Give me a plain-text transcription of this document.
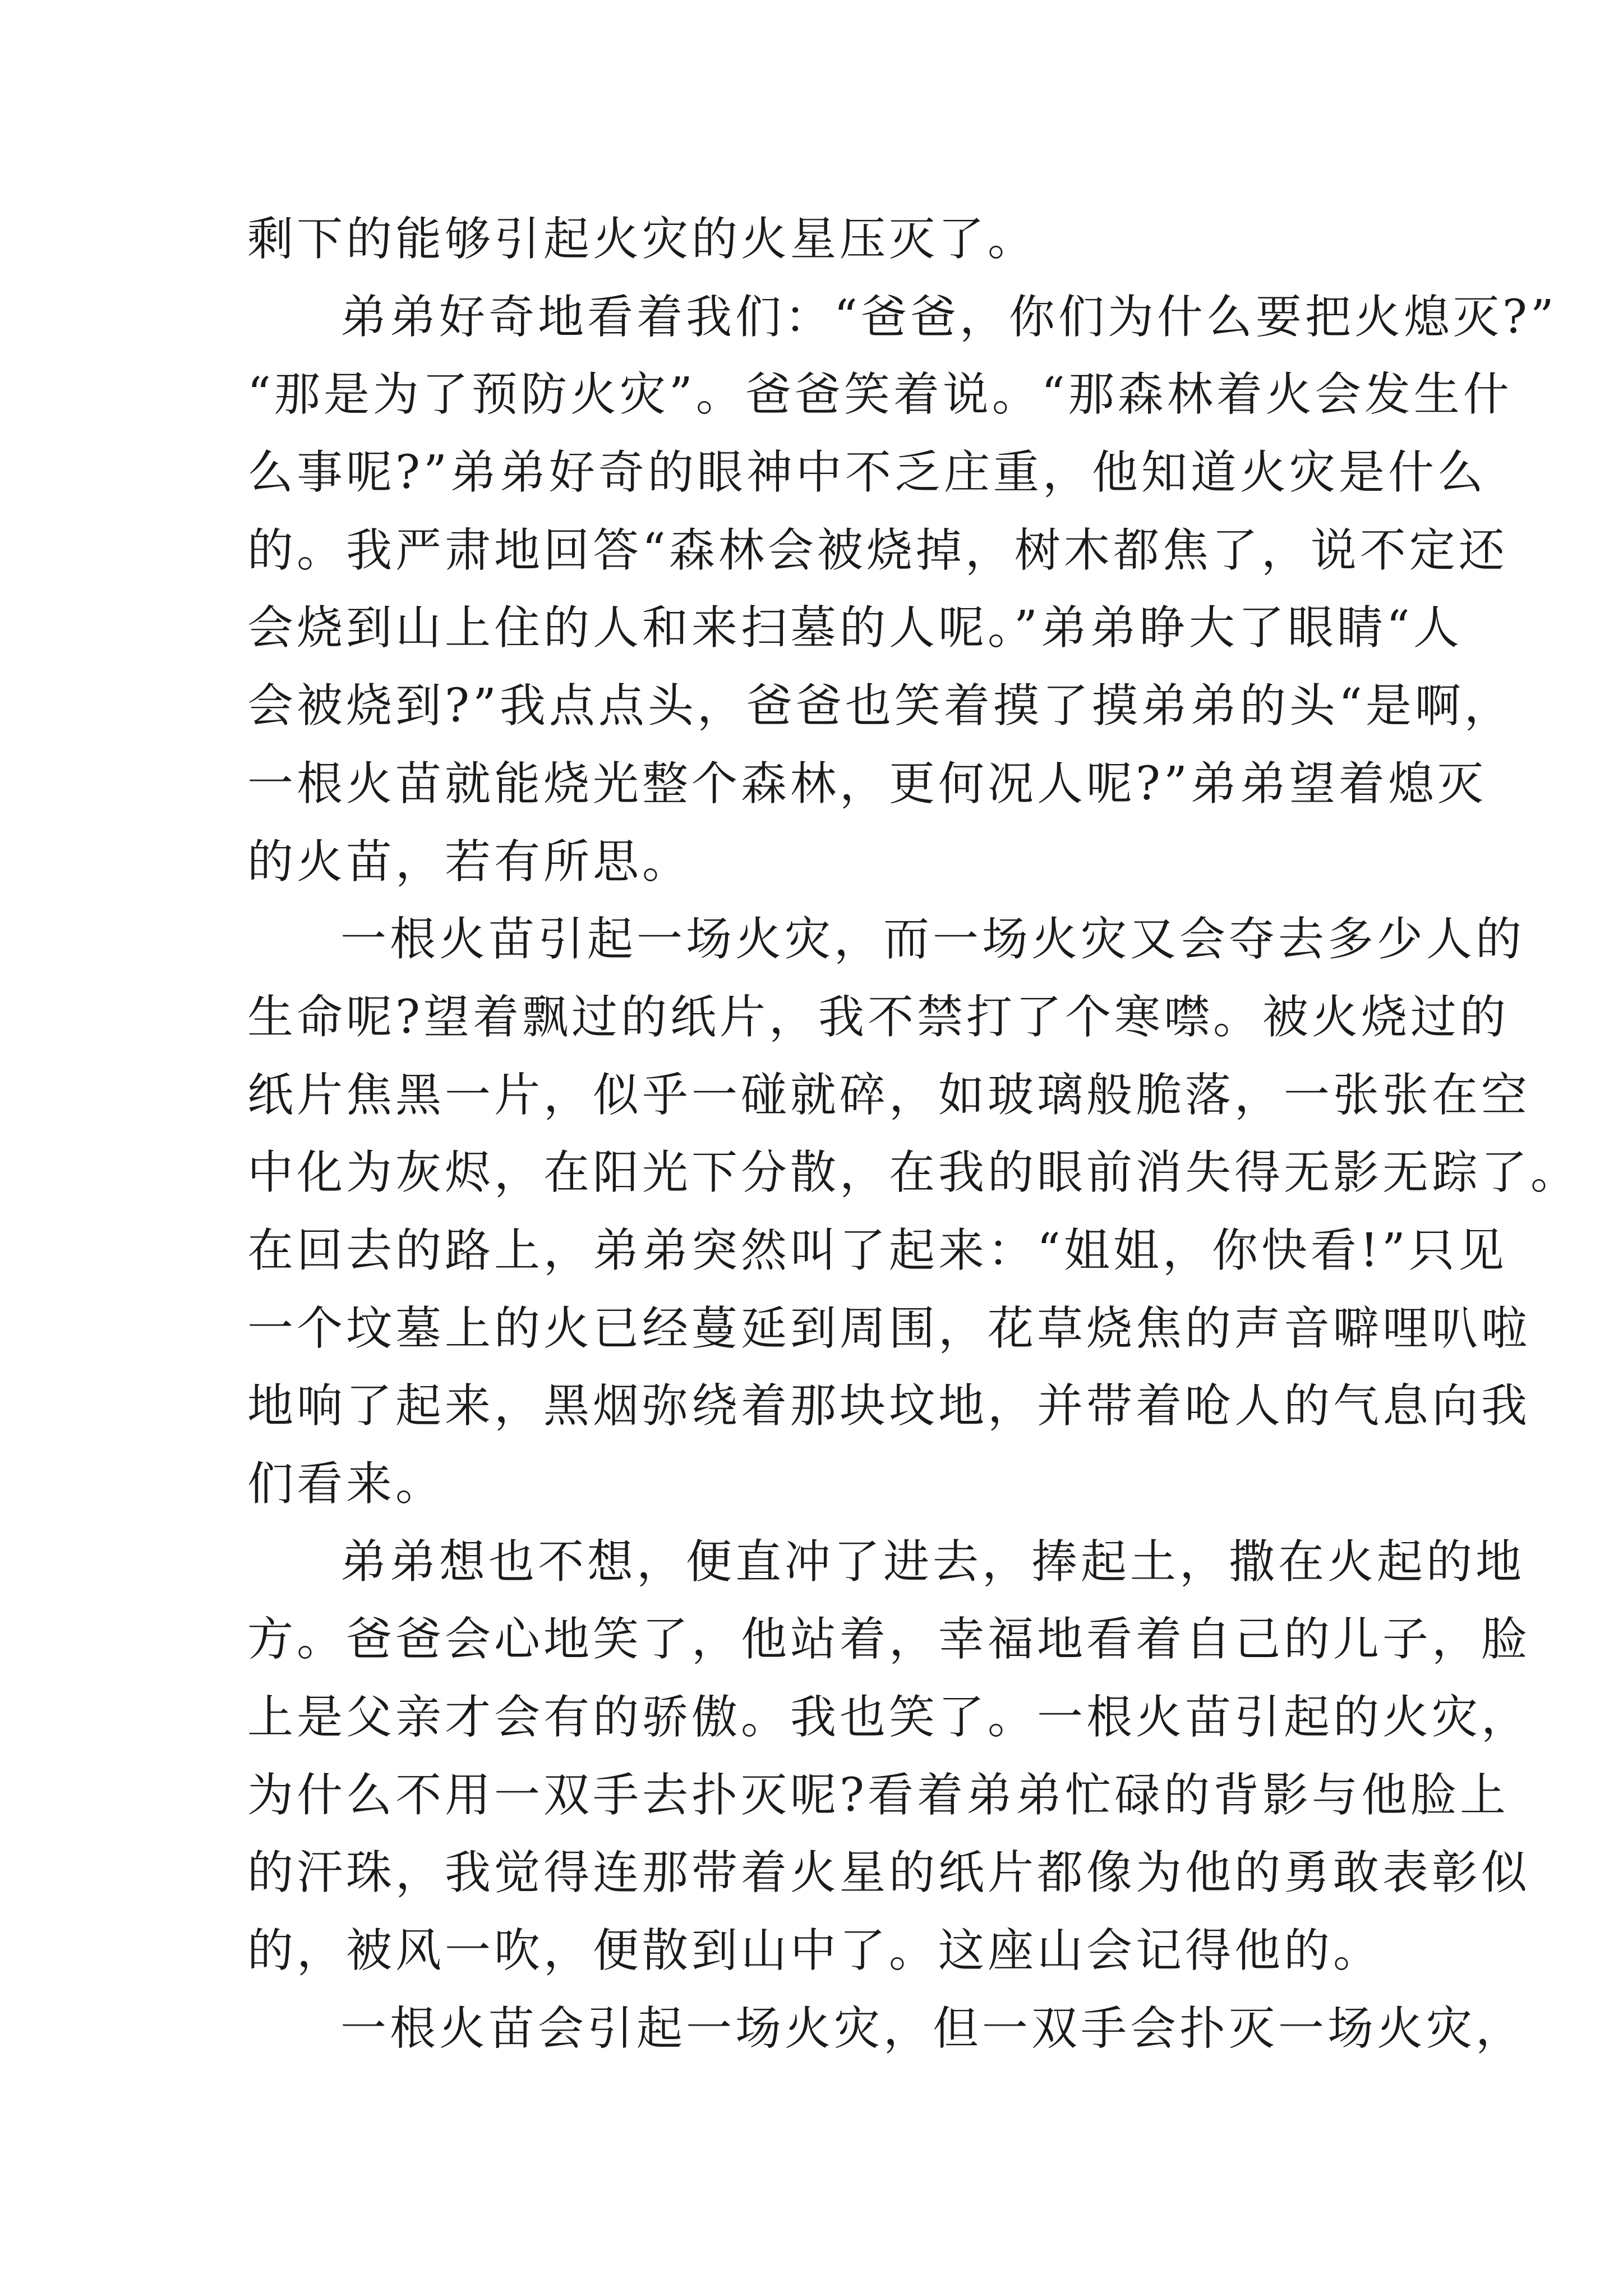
剩下的能够引起火灾的火星压灭了。
弟弟好奇地看着我们：“爸爸，你们为什么要把火熄灭?”
“那是为了预防火灾”。爸爸笑着说。“那森林着火会发生什
么事呢?”弟弟好奇的眼神中不乏庄重，他知道火灾是什么
的。我严肃地回答“森林会被烧掉，树木都焦了，说不定还
会烧到山上住的人和来扫墓的人呢。”弟弟睁大了眼睛“人
会被烧到?”我点点头，爸爸也笑着摸了摸弟弟的头“是啊，
一根火苗就能烧光整个森林，更何况人呢?”弟弟望着熄灭
的火苗，若有所思。
一根火苗引起一场火灾，而一场火灾又会夺去多少人的
生命呢?望着飘过的纸片，我不禁打了个寒噤。被火烧过的
纸片焦黑一片，似乎一碰就碎，如玻璃般脆落，一张张在空
中化为灰烬，在阳光下分散，在我的眼前消失得无影无踪了。
在回去的路上，弟弟突然叫了起来：“姐姐，你快看!”只见
一个坟墓上的火已经蔓延到周围，花草烧焦的声音噼哩叭啦
地响了起来，黑烟弥绕着那块坟地，并带着呛人的气息向我
们看来。
弟弟想也不想，便直冲了进去，捧起土，撒在火起的地
方。爸爸会心地笑了，他站着，幸福地看着自己的儿子，脸
上是父亲才会有的骄傲。我也笑了。一根火苗引起的火灾，
为什么不用一双手去扑灭呢?看着弟弟忙碌的背影与他脸上
的汗珠，我觉得连那带着火星的纸片都像为他的勇敢表彰似
的，被风一吹，便散到山中了。这座山会记得他的。
一根火苗会引起一场火灾，但一双手会扑灭一场火灾，
